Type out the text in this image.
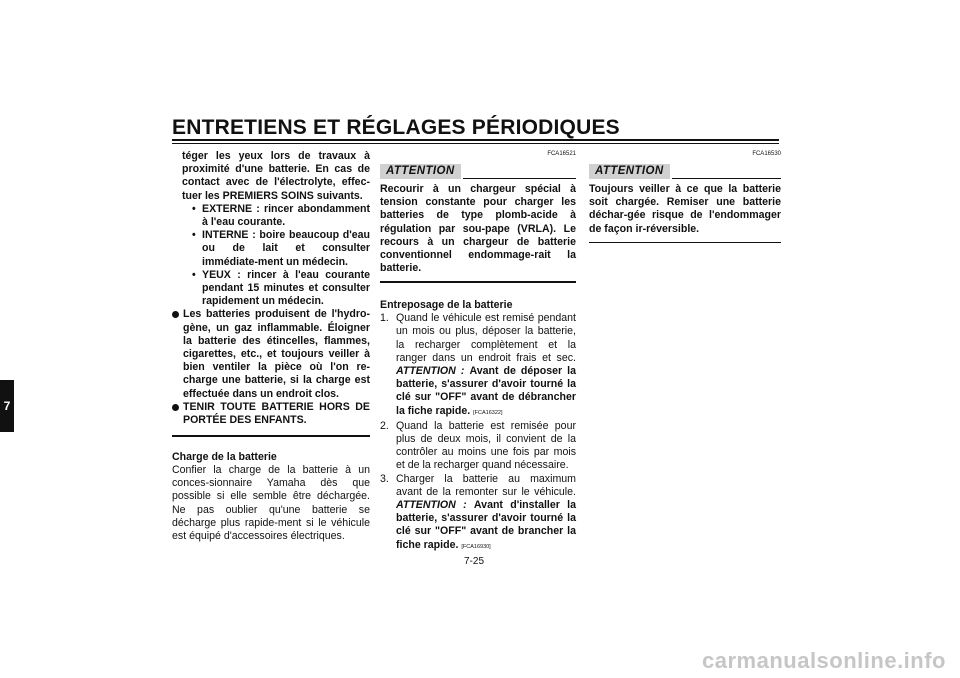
ENTRETIENS ET RÉGLAGES PÉRIODIQUES
7

téger les yeux lors de travaux à proximité d'une batterie. En cas de contact avec de l'électrolyte, effec-tuer les PREMIERS SOINS suivants.

• EXTERNE : rincer abondamment à l'eau courante.
• INTERNE : boire beaucoup d'eau ou de lait et consulter immédiate-ment un médecin.
• YEUX : rincer à l'eau courante pendant 15 minutes et consulter rapidement un médecin.
Les batteries produisent de l'hydro-gène, un gaz inflammable. Éloigner la batterie des étincelles, flammes, cigarettes, etc., et toujours veiller à bien ventiler la pièce où l'on re-charge une batterie, si la charge est effectuée dans un endroit clos.
TENIR TOUTE BATTERIE HORS DE PORTÉE DES ENFANTS.

Charge de la batterie

Confier la charge de la batterie à un conces-sionnaire Yamaha dès que possible si elle semble être déchargée. Ne pas oublier qu'une batterie se décharge plus rapide-ment si le véhicule est équipé d'accessoires électriques.

FCA16521
ATTENTION

Recourir à un chargeur spécial à tension constante pour charger les batteries de type plomb-acide à régulation par sou-pape (VRLA). Le recours à un chargeur de batterie conventionnel endommage-rait la batterie.

Entreposage de la batterie

1. Quand le véhicule est remisé pendant un mois ou plus, déposer la batterie, la recharger complètement et la ranger dans un endroit frais et sec. ATTENTION : Avant de déposer la batterie, s'assurer d'avoir tourné la clé sur "OFF" avant de débrancher la fiche rapide. [FCA16322]
2. Quand la batterie est remisée pour plus de deux mois, il convient de la contrôler au moins une fois par mois et de la recharger quand nécessaire.
3. Charger la batterie au maximum avant de la remonter sur le véhicule. ATTENTION : Avant d'installer la batterie, s'assurer d'avoir tourné la clé sur "OFF" avant de brancher la fiche rapide. [FCA16930]
FCA16530
ATTENTION

Toujours veiller à ce que la batterie soit chargée. Remiser une batterie déchar-gée risque de l'endommager de façon ir-réversible.

7-25
carmanualsonline.info
